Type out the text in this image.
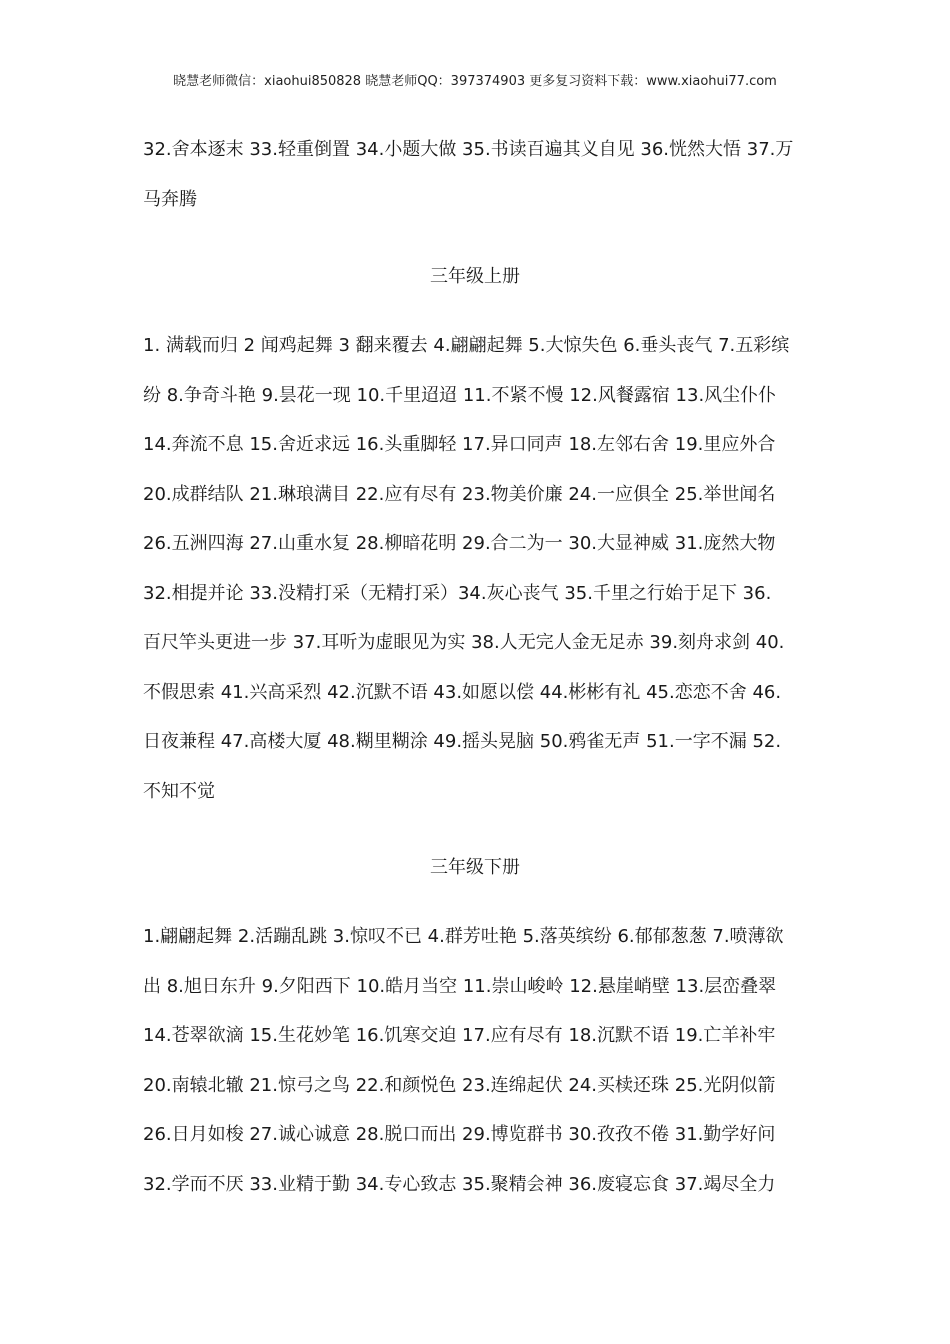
晓慧老师微信：xiaohui850828 晓慧老师QQ：397374903 更多复习资料下载：www.xiaohui77.com
32.舍本逐末 33.轻重倒置 34.小题大做 35.书读百遍其义自见 36.恍然大悟 37.万
马奔腾
三年级上册
1. 满载而归 2 闻鸡起舞 3 翻来覆去 4.翩翩起舞 5.大惊失色 6.垂头丧气 7.五彩缤
纷 8.争奇斗艳 9.昙花一现 10.千里迢迢 11.不紧不慢 12.风餐露宿 13.风尘仆仆
14.奔流不息 15.舍近求远 16.头重脚轻 17.异口同声 18.左邻右舍 19.里应外合
20.成群结队 21.琳琅满目 22.应有尽有 23.物美价廉 24.一应俱全 25.举世闻名
26.五洲四海 27.山重水复 28.柳暗花明 29.合二为一 30.大显神威 31.庞然大物
32.相提并论 33.没精打采（无精打采）34.灰心丧气 35.千里之行始于足下 36.
百尺竿头更进一步 37.耳听为虚眼见为实 38.人无完人金无足赤 39.刻舟求剑 40.
不假思索 41.兴高采烈 42.沉默不语 43.如愿以偿 44.彬彬有礼 45.恋恋不舍 46.
日夜兼程 47.高楼大厦 48.糊里糊涂 49.摇头晃脑 50.鸦雀无声 51.一字不漏 52.
不知不觉
三年级下册
1.翩翩起舞 2.活蹦乱跳 3.惊叹不已 4.群芳吐艳 5.落英缤纷 6.郁郁葱葱 7.喷薄欲
出 8.旭日东升 9.夕阳西下 10.皓月当空 11.崇山峻岭 12.悬崖峭壁 13.层峦叠翠
14.苍翠欲滴 15.生花妙笔 16.饥寒交迫 17.应有尽有 18.沉默不语 19.亡羊补牢
20.南辕北辙 21.惊弓之鸟 22.和颜悦色 23.连绵起伏 24.买椟还珠 25.光阴似箭
26.日月如梭 27.诚心诚意 28.脱口而出 29.博览群书 30.孜孜不倦 31.勤学好问
32.学而不厌 33.业精于勤 34.专心致志 35.聚精会神 36.废寝忘食 37.竭尽全力
